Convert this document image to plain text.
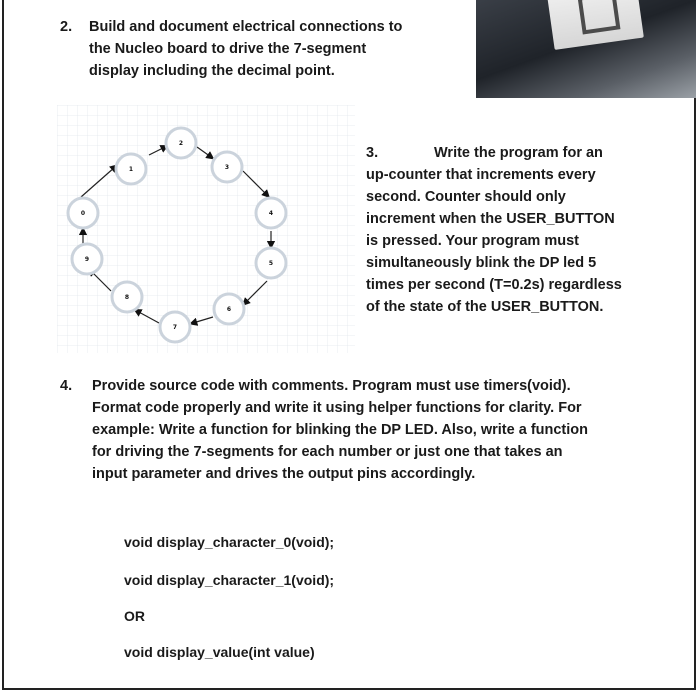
2. Build and document electrical connections to
the Nucleo board to drive the 7-segment
display including the decimal point.
0
1
2
3
4
5
6
7
8
9
3.	Write the program for an
up-counter that increments every
second. Counter should only
increment when the USER_BUTTON
is pressed. Your program must
simultaneously blink the DP led 5
times per second (T=0.2s) regardless
of the state of the USER_BUTTON.
4. Provide source code with comments. Program must use timers(void).
Format code properly and write it using helper functions for clarity. For
example: Write a function for blinking the DP LED. Also, write a function
for driving the 7-segments for each number or just one that takes an
input parameter and drives the output pins accordingly.
void display_character_0(void);
void display_character_1(void);
OR
void display_value(int value)
